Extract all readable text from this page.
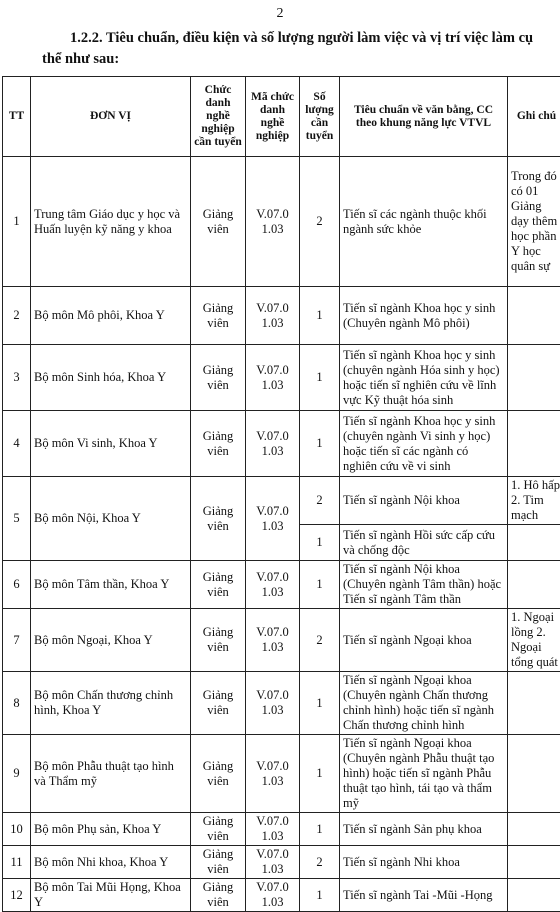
2
1.2.2. Tiêu chuẩn, điều kiện và số lượng người làm việc và vị trí việc làm cụ thể như sau:
TT	ĐƠN VỊ	Chức danh nghề nghiệp cần tuyển	Mã chức danh nghề nghiệp	Số lượng cần tuyển	Tiêu chuẩn về văn bằng, CC theo khung năng lực VTVL	Ghi chú
1	Trung tâm Giáo dục y học và Huấn luyện kỹ năng y khoa	Giảng viên	V.07.0 1.03	2	Tiến sĩ các ngành thuộc khối ngành sức khỏe	Trong đó có 01 Giảng dạy thêm học phần Y học quân sự
2	Bộ môn Mô phôi, Khoa Y	Giảng viên	V.07.0 1.03	1	Tiến sĩ ngành Khoa học y sinh (Chuyên ngành Mô phôi)	
3	Bộ môn Sinh hóa, Khoa Y	Giảng viên	V.07.0 1.03	1	Tiến sĩ ngành Khoa học y sinh (chuyên ngành Hóa sinh y học) hoặc tiến sĩ nghiên cứu về lĩnh vực Kỹ thuật hóa sinh	
4	Bộ môn Vi sinh, Khoa Y	Giảng viên	V.07.0 1.03	1	Tiến sĩ ngành Khoa học y sinh (chuyên ngành Vi sinh y học) hoặc tiến sĩ các ngành có nghiên cứu về vi sinh	
5	Bộ môn Nội, Khoa Y	Giảng viên	V.07.0 1.03	2	Tiến sĩ ngành Nội khoa	1. Hô hấp 2. Tim mạch
				1	Tiến sĩ ngành Hồi sức cấp cứu và chống độc	
6	Bộ môn Tâm thần, Khoa Y	Giảng viên	V.07.0 1.03	1	Tiến sĩ ngành Nội khoa (Chuyên ngành Tâm thần) hoặc Tiến sĩ ngành Tâm thần	
7	Bộ môn Ngoại, Khoa Y	Giảng viên	V.07.0 1.03	2	Tiến sĩ ngành Ngoại khoa	1. Ngoại lồng 2. Ngoại tổng quát
8	Bộ môn Chấn thương chỉnh hình, Khoa Y	Giảng viên	V.07.0 1.03	1	Tiến sĩ ngành Ngoại khoa (Chuyên ngành Chấn thương chỉnh hình) hoặc tiến sĩ ngành Chấn thương chỉnh hình	
9	Bộ môn Phẫu thuật tạo hình và Thẩm mỹ	Giảng viên	V.07.0 1.03	1	Tiến sĩ ngành Ngoại khoa (Chuyên ngành Phẫu thuật tạo hình) hoặc tiến sĩ ngành Phẫu thuật tạo hình, tái tạo và thẩm mỹ	
10	Bộ môn Phụ sản, Khoa Y	Giảng viên	V.07.0 1.03	1	Tiến sĩ ngành Sản phụ khoa	
11	Bộ môn Nhi khoa, Khoa Y	Giảng viên	V.07.0 1.03	2	Tiến sĩ ngành Nhi khoa	
12	Bộ môn Tai Mũi Họng, Khoa Y	Giảng viên	V.07.0 1.03	1	Tiến sĩ ngành Tai -Mũi -Họng	
